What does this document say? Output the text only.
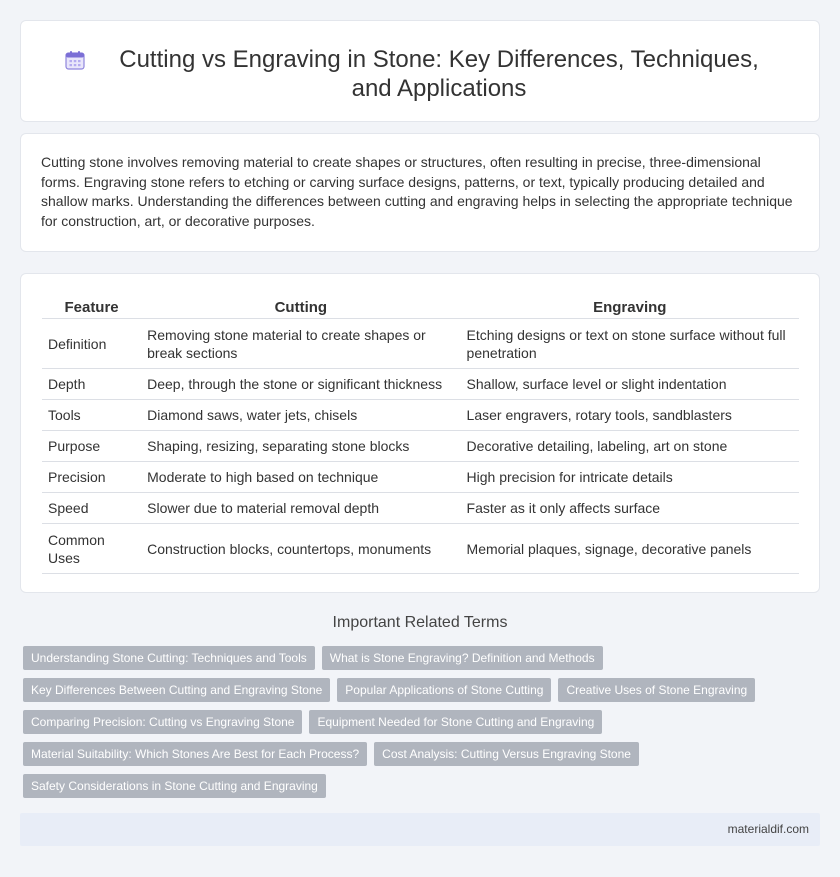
Cutting vs Engraving in Stone: Key Differences, Techniques, and Applications

Cutting stone involves removing material to create shapes or structures, often resulting in precise, three-dimensional forms. Engraving stone refers to etching or carving surface designs, patterns, or text, typically producing detailed and shallow marks. Understanding the differences between cutting and engraving helps in selecting the appropriate technique for construction, art, or decorative purposes.

Feature	Cutting	Engraving
Definition	Removing stone material to create shapes or break sections	Etching designs or text on stone surface without full penetration
Depth	Deep, through the stone or significant thickness	Shallow, surface level or slight indentation
Tools	Diamond saws, water jets, chisels	Laser engravers, rotary tools, sandblasters
Purpose	Shaping, resizing, separating stone blocks	Decorative detailing, labeling, art on stone
Precision	Moderate to high based on technique	High precision for intricate details
Speed	Slower due to material removal depth	Faster as it only affects surface
Common Uses	Construction blocks, countertops, monuments	Memorial plaques, signage, decorative panels
Important Related Terms
Understanding Stone Cutting: Techniques and Tools	What is Stone Engraving? Definition and Methods
Key Differences Between Cutting and Engraving Stone	Popular Applications of Stone Cutting	Creative Uses of Stone Engraving
Comparing Precision: Cutting vs Engraving Stone	Equipment Needed for Stone Cutting and Engraving
Material Suitability: Which Stones Are Best for Each Process?	Cost Analysis: Cutting Versus Engraving Stone
Safety Considerations in Stone Cutting and Engraving
materialdif.com
